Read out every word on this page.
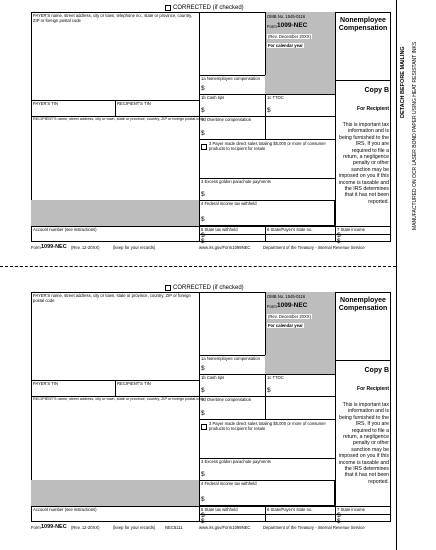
DETACH BEFORE MAILING MANUFACTURED ON OCR LASER BOND PAPER USING HEAT RESISTANT INKS
CORRECTED (if checked)
PAYER'S name, street address, city or town, telephone no., state or province, country, ZIP or foreign postal code
OMB No. 1545-0116
Form 1099-NEC
(Rev. December 20XX)
For calendar year
Nonemployee
Compensation
1a Nonemployee compensation
$
PAYER'S TIN	RECIPIENT'S TIN
1b Cash tips
$
1c TTOC
$
RECIPIENT'S name, street address, city or town, state or province, country, ZIP or foreign postal code
1d Overtime compensation
$
2 Payer made direct sales totaling $5,000 or more of consumer products to recipient for resale
3 Excess golden parachute payments
$
4 Federal income tax withheld
$
Account number (see instructions)	5 State tax withheld
$
$
6 State/Payer's state no.	7 State income
$
$
Copy B
For Recipient
This is important tax information and is being furnished to the IRS. If you are required to file a return, a negligence penalty or other sanction may be imposed on you if this income is taxable and the IRS determines that it has not been reported.
Form 1099-NEC (Rev. 12-20XX)	(keep for your records)	www.irs.gov/Form1099NEC	Department of the Treasury - Internal Revenue Service
CORRECTED (if checked)
PAYER'S name, street address, city or town, state or province, country, ZIP or foreign postal code
OMB No. 1545-0116
Form 1099-NEC
(Rev. December 20XX)
For calendar year
Nonemployee
Compensation
1a Nonemployee compensation
$
PAYER'S TIN	RECIPIENT'S TIN
1b Cash tips
$
1c TTOC
$
RECIPIENT'S name, street address, city or town, state or province, country, ZIP or foreign postal code
1d Overtime compensation
$
2 Payer made direct sales totaling $5,000 or more of consumer products to recipient for resale
3 Excess golden parachute payments
$
4 Federal income tax withheld
$
Account number (see instructions)	5 State tax withheld
$
$
6 State/Payer's state no.	7 State income
$
$
Copy B
For Recipient
This is important tax information and is being furnished to the IRS. If you are required to file a return, a negligence penalty or other sanction may be imposed on you if this income is taxable and the IRS determines that it has not been reported.
Form 1099-NEC (Rev. 12-20XX)	(keep for your records) NEC5111	www.irs.gov/Form1099NEC	Department of the Treasury - Internal Revenue Service
